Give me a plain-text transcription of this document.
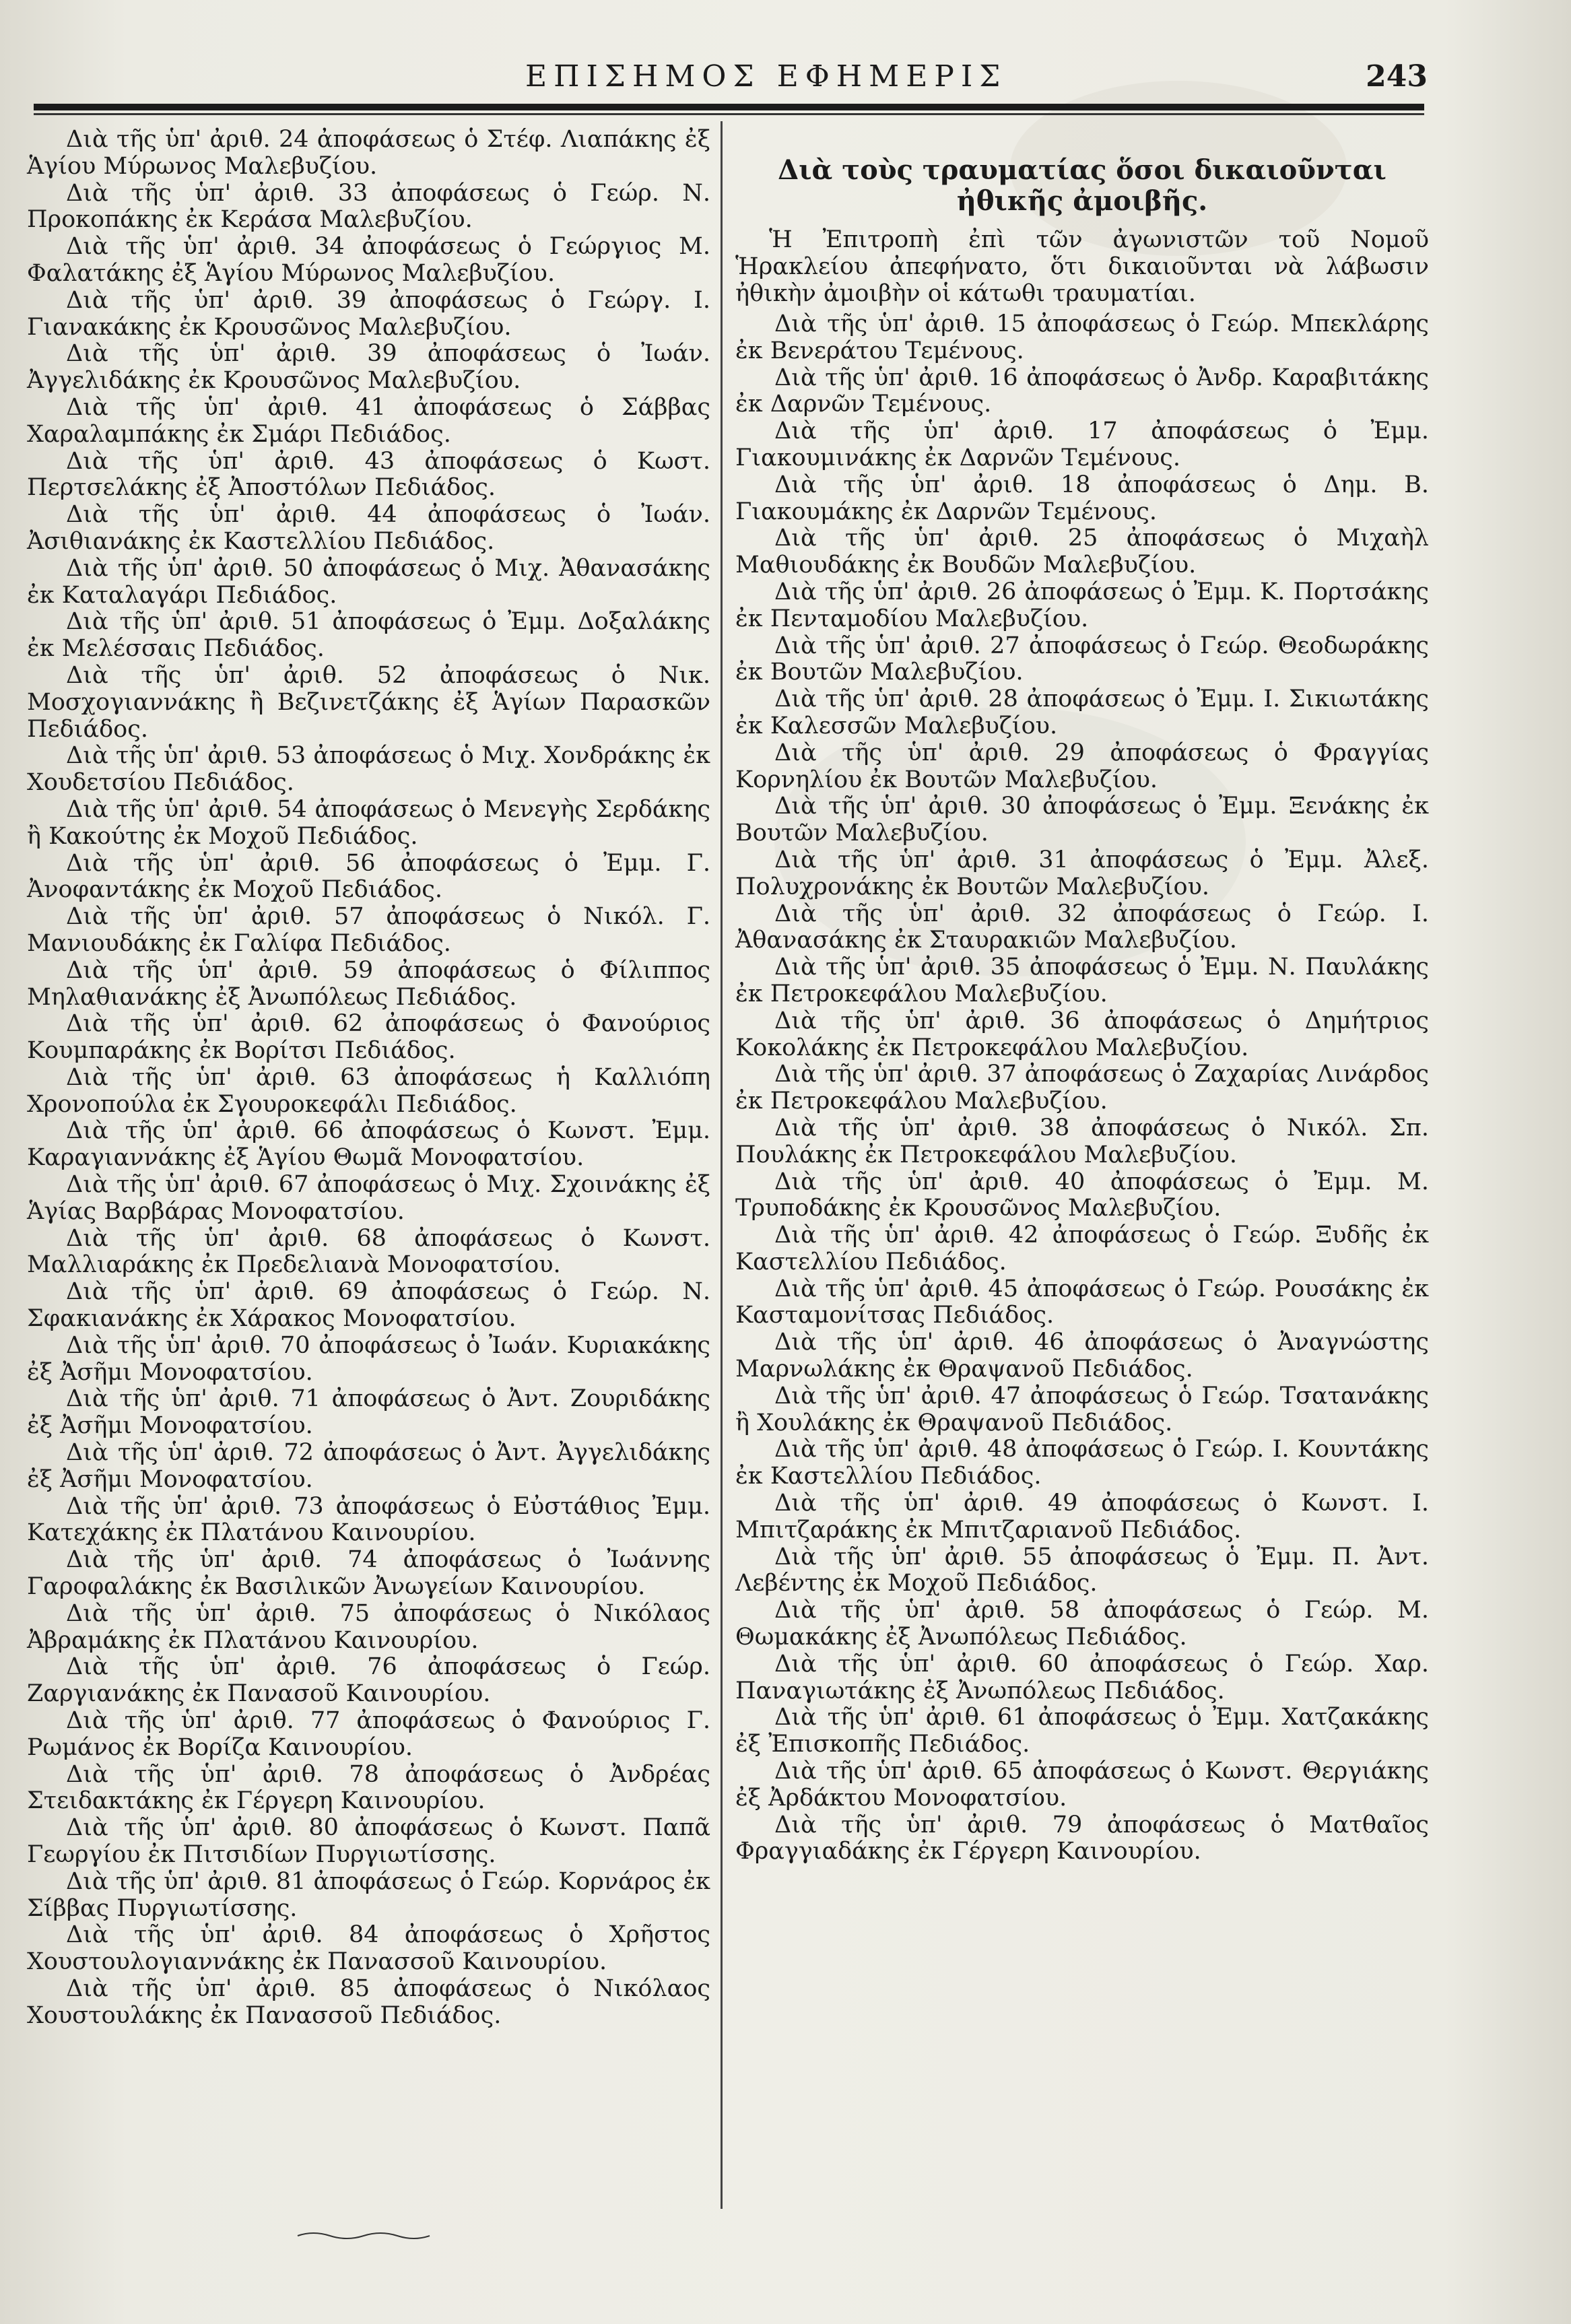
ΕΠΙΣΗΜΟΣ ΕΦΗΜΕΡΙΣ	243

Διὰ τῆς ὑπ' ἀριθ. 24 ἀποφάσεως ὁ Στέφ. Λιαπάκης ἐξ Ἁγίου Μύρωνος Μαλεβυζίου.

Διὰ τῆς ὑπ' ἀριθ. 33 ἀποφάσεως ὁ Γεώρ. Ν. Προκοπάκης ἐκ Κεράσα Μαλεβυζίου.

Διὰ τῆς ὑπ' ἀριθ. 34 ἀποφάσεως ὁ Γεώργιος Μ. Φαλατάκης ἐξ Ἁγίου Μύρωνος Μαλεβυζίου.

Διὰ τῆς ὑπ' ἀριθ. 39 ἀποφάσεως ὁ Γεώργ. Ι. Γιανακάκης ἐκ Κρουσῶνος Μαλεβυζίου.

Διὰ τῆς ὑπ' ἀριθ. 39 ἀποφάσεως ὁ Ἰωάν. Ἀγγελιδάκης ἐκ Κρουσῶνος Μαλεβυζίου.

Διὰ τῆς ὑπ' ἀριθ. 41 ἀποφάσεως ὁ Σάββας Χαραλαμπάκης ἐκ Σμάρι Πεδιάδος.

Διὰ τῆς ὑπ' ἀριθ. 43 ἀποφάσεως ὁ Κωστ. Περτσελάκης ἐξ Ἀποστόλων Πεδιάδος.

Διὰ τῆς ὑπ' ἀριθ. 44 ἀποφάσεως ὁ Ἰωάν. Ἀσιθιανάκης ἐκ Καστελλίου Πεδιάδος.

Διὰ τῆς ὑπ' ἀριθ. 50 ἀποφάσεως ὁ Μιχ. Ἀθανασάκης ἐκ Καταλαγάρι Πεδιάδος.

Διὰ τῆς ὑπ' ἀριθ. 51 ἀποφάσεως ὁ Ἐμμ. Δοξαλάκης ἐκ Μελέσσαις Πεδιάδος.

Διὰ τῆς ὑπ' ἀριθ. 52 ἀποφάσεως ὁ Νικ. Μοσχογιαννάκης ἢ Βεζινετζάκης ἐξ Ἁγίων Παρασκῶν Πεδιάδος.

Διὰ τῆς ὑπ' ἀριθ. 53 ἀποφάσεως ὁ Μιχ. Χονδράκης ἐκ Χουδετσίου Πεδιάδος.

Διὰ τῆς ὑπ' ἀριθ. 54 ἀποφάσεως ὁ Μενεγὴς Σερδάκης ἢ Κακούτης ἐκ Μοχοῦ Πεδιάδος.

Διὰ τῆς ὑπ' ἀριθ. 56 ἀποφάσεως ὁ Ἐμμ. Γ. Ἀνοφαντάκης ἐκ Μοχοῦ Πεδιάδος.

Διὰ τῆς ὑπ' ἀριθ. 57 ἀποφάσεως ὁ Νικόλ. Γ. Μανιουδάκης ἐκ Γαλίφα Πεδιάδος.

Διὰ τῆς ὑπ' ἀριθ. 59 ἀποφάσεως ὁ Φίλιππος Μηλαθιανάκης ἐξ Ἀνωπόλεως Πεδιάδος.

Διὰ τῆς ὑπ' ἀριθ. 62 ἀποφάσεως ὁ Φανούριος Κουμπαράκης ἐκ Βορίτσι Πεδιάδος.

Διὰ τῆς ὑπ' ἀριθ. 63 ἀποφάσεως ἡ Καλλιόπη Χρονοπούλα ἐκ Σγουροκεφάλι Πεδιάδος.

Διὰ τῆς ὑπ' ἀριθ. 66 ἀποφάσεως ὁ Κωνστ. Ἐμμ. Καραγιαννάκης ἐξ Ἁγίου Θωμᾶ Μονοφατσίου.

Διὰ τῆς ὑπ' ἀριθ. 67 ἀποφάσεως ὁ Μιχ. Σχοινάκης ἐξ Ἁγίας Βαρβάρας Μονοφατσίου.

Διὰ τῆς ὑπ' ἀριθ. 68 ἀποφάσεως ὁ Κωνστ. Μαλλιαράκης ἐκ Πρεδελιανὰ Μονοφατσίου.

Διὰ τῆς ὑπ' ἀριθ. 69 ἀποφάσεως ὁ Γεώρ. Ν. Σφακιανάκης ἐκ Χάρακος Μονοφατσίου.

Διὰ τῆς ὑπ' ἀριθ. 70 ἀποφάσεως ὁ Ἰωάν. Κυριακάκης ἐξ Ἀσῆμι Μονοφατσίου.

Διὰ τῆς ὑπ' ἀριθ. 71 ἀποφάσεως ὁ Ἀντ. Ζουριδάκης ἐξ Ἀσῆμι Μονοφατσίου.

Διὰ τῆς ὑπ' ἀριθ. 72 ἀποφάσεως ὁ Ἀντ. Ἀγγελιδάκης ἐξ Ἀσῆμι Μονοφατσίου.

Διὰ τῆς ὑπ' ἀριθ. 73 ἀποφάσεως ὁ Εὐστάθιος Ἐμμ. Κατεχάκης ἐκ Πλατάνου Καινουρίου.

Διὰ τῆς ὑπ' ἀριθ. 74 ἀποφάσεως ὁ Ἰωάννης Γαροφαλάκης ἐκ Βασιλικῶν Ἀνωγείων Καινουρίου.

Διὰ τῆς ὑπ' ἀριθ. 75 ἀποφάσεως ὁ Νικόλαος Ἀβραμάκης ἐκ Πλατάνου Καινουρίου.

Διὰ τῆς ὑπ' ἀριθ. 76 ἀποφάσεως ὁ Γεώρ. Ζαργιανάκης ἐκ Πανασοῦ Καινουρίου.

Διὰ τῆς ὑπ' ἀριθ. 77 ἀποφάσεως ὁ Φανούριος Γ. Ρωμάνος ἐκ Βορίζα Καινουρίου.

Διὰ τῆς ὑπ' ἀριθ. 78 ἀποφάσεως ὁ Ἀνδρέας Στειδακτάκης ἐκ Γέργερη Καινουρίου.

Διὰ τῆς ὑπ' ἀριθ. 80 ἀποφάσεως ὁ Κωνστ. Παπᾶ Γεωργίου ἐκ Πιτσιδίων Πυργιωτίσσης.

Διὰ τῆς ὑπ' ἀριθ. 81 ἀποφάσεως ὁ Γεώρ. Κορνάρος ἐκ Σίββας Πυργιωτίσσης.

Διὰ τῆς ὑπ' ἀριθ. 84 ἀποφάσεως ὁ Χρῆστος Χουστουλογιαννάκης ἐκ Πανασσοῦ Καινουρίου.

Διὰ τῆς ὑπ' ἀριθ. 85 ἀποφάσεως ὁ Νικόλαος Χουστουλάκης ἐκ Πανασσοῦ Πεδιάδος.

Διὰ τοὺς τραυματίας ὅσοι δικαιοῦνται
ἠθικῆς ἀμοιβῆς.

Ἡ Ἐπιτροπὴ ἐπὶ τῶν ἀγωνιστῶν τοῦ Νομοῦ Ἡρακλείου ἀπεφήνατο, ὅτι δικαιοῦνται νὰ λάβωσιν ἠθικὴν ἀμοιβὴν οἱ κάτωθι τραυματίαι.

Διὰ τῆς ὑπ' ἀριθ. 15 ἀποφάσεως ὁ Γεώρ. Μπεκλάρης ἐκ Βενεράτου Τεμένους.

Διὰ τῆς ὑπ' ἀριθ. 16 ἀποφάσεως ὁ Ἀνδρ. Καραβιτάκης ἐκ Δαρνῶν Τεμένους.

Διὰ τῆς ὑπ' ἀριθ. 17 ἀποφάσεως ὁ Ἐμμ. Γιακουμινάκης ἐκ Δαρνῶν Τεμένους.

Διὰ τῆς ὑπ' ἀριθ. 18 ἀποφάσεως ὁ Δημ. Β. Γιακουμάκης ἐκ Δαρνῶν Τεμένους.

Διὰ τῆς ὑπ' ἀριθ. 25 ἀποφάσεως ὁ Μιχαὴλ Μαθιουδάκης ἐκ Βουδῶν Μαλεβυζίου.

Διὰ τῆς ὑπ' ἀριθ. 26 ἀποφάσεως ὁ Ἐμμ. Κ. Πορτσάκης ἐκ Πενταμοδίου Μαλεβυζίου.

Διὰ τῆς ὑπ' ἀριθ. 27 ἀποφάσεως ὁ Γεώρ. Θεοδωράκης ἐκ Βουτῶν Μαλεβυζίου.

Διὰ τῆς ὑπ' ἀριθ. 28 ἀποφάσεως ὁ Ἐμμ. Ι. Σικιωτάκης ἐκ Καλεσσῶν Μαλεβυζίου.

Διὰ τῆς ὑπ' ἀριθ. 29 ἀποφάσεως ὁ Φραγγίας Κορνηλίου ἐκ Βουτῶν Μαλεβυζίου.

Διὰ τῆς ὑπ' ἀριθ. 30 ἀποφάσεως ὁ Ἐμμ. Ξενάκης ἐκ Βουτῶν Μαλεβυζίου.

Διὰ τῆς ὑπ' ἀριθ. 31 ἀποφάσεως ὁ Ἐμμ. Ἀλεξ. Πολυχρονάκης ἐκ Βουτῶν Μαλεβυζίου.

Διὰ τῆς ὑπ' ἀριθ. 32 ἀποφάσεως ὁ Γεώρ. Ι. Ἀθανασάκης ἐκ Σταυρακιῶν Μαλεβυζίου.

Διὰ τῆς ὑπ' ἀριθ. 35 ἀποφάσεως ὁ Ἐμμ. Ν. Παυλάκης ἐκ Πετροκεφάλου Μαλεβυζίου.

Διὰ τῆς ὑπ' ἀριθ. 36 ἀποφάσεως ὁ Δημήτριος Κοκολάκης ἐκ Πετροκεφάλου Μαλεβυζίου.

Διὰ τῆς ὑπ' ἀριθ. 37 ἀποφάσεως ὁ Ζαχαρίας Λινάρδος ἐκ Πετροκεφάλου Μαλεβυζίου.

Διὰ τῆς ὑπ' ἀριθ. 38 ἀποφάσεως ὁ Νικόλ. Σπ. Πουλάκης ἐκ Πετροκεφάλου Μαλεβυζίου.

Διὰ τῆς ὑπ' ἀριθ. 40 ἀποφάσεως ὁ Ἐμμ. Μ. Τρυποδάκης ἐκ Κρουσῶνος Μαλεβυζίου.

Διὰ τῆς ὑπ' ἀριθ. 42 ἀποφάσεως ὁ Γεώρ. Ξυδῆς ἐκ Καστελλίου Πεδιάδος.

Διὰ τῆς ὑπ' ἀριθ. 45 ἀποφάσεως ὁ Γεώρ. Ρουσάκης ἐκ Κασταμονίτσας Πεδιάδος.

Διὰ τῆς ὑπ' ἀριθ. 46 ἀποφάσεως ὁ Ἀναγνώστης Μαρνωλάκης ἐκ Θραψανοῦ Πεδιάδος.

Διὰ τῆς ὑπ' ἀριθ. 47 ἀποφάσεως ὁ Γεώρ. Τσατανάκης ἢ Χουλάκης ἐκ Θραψανοῦ Πεδιάδος.

Διὰ τῆς ὑπ' ἀριθ. 48 ἀποφάσεως ὁ Γεώρ. Ι. Κουντάκης ἐκ Καστελλίου Πεδιάδος.

Διὰ τῆς ὑπ' ἀριθ. 49 ἀποφάσεως ὁ Κωνστ. Ι. Μπιτζαράκης ἐκ Μπιτζαριανοῦ Πεδιάδος.

Διὰ τῆς ὑπ' ἀριθ. 55 ἀποφάσεως ὁ Ἐμμ. Π. Ἀντ. Λεβέντης ἐκ Μοχοῦ Πεδιάδος.

Διὰ τῆς ὑπ' ἀριθ. 58 ἀποφάσεως ὁ Γεώρ. Μ. Θωμακάκης ἐξ Ἀνωπόλεως Πεδιάδος.

Διὰ τῆς ὑπ' ἀριθ. 60 ἀποφάσεως ὁ Γεώρ. Χαρ. Παναγιωτάκης ἐξ Ἀνωπόλεως Πεδιάδος.

Διὰ τῆς ὑπ' ἀριθ. 61 ἀποφάσεως ὁ Ἐμμ. Χατζακάκης ἐξ Ἐπισκοπῆς Πεδιάδος.

Διὰ τῆς ὑπ' ἀριθ. 65 ἀποφάσεως ὁ Κωνστ. Θεργιάκης ἐξ Ἀρδάκτου Μονοφατσίου.

Διὰ τῆς ὑπ' ἀριθ. 79 ἀποφάσεως ὁ Ματθαῖος Φραγγιαδάκης ἐκ Γέργερη Καινουρίου.
